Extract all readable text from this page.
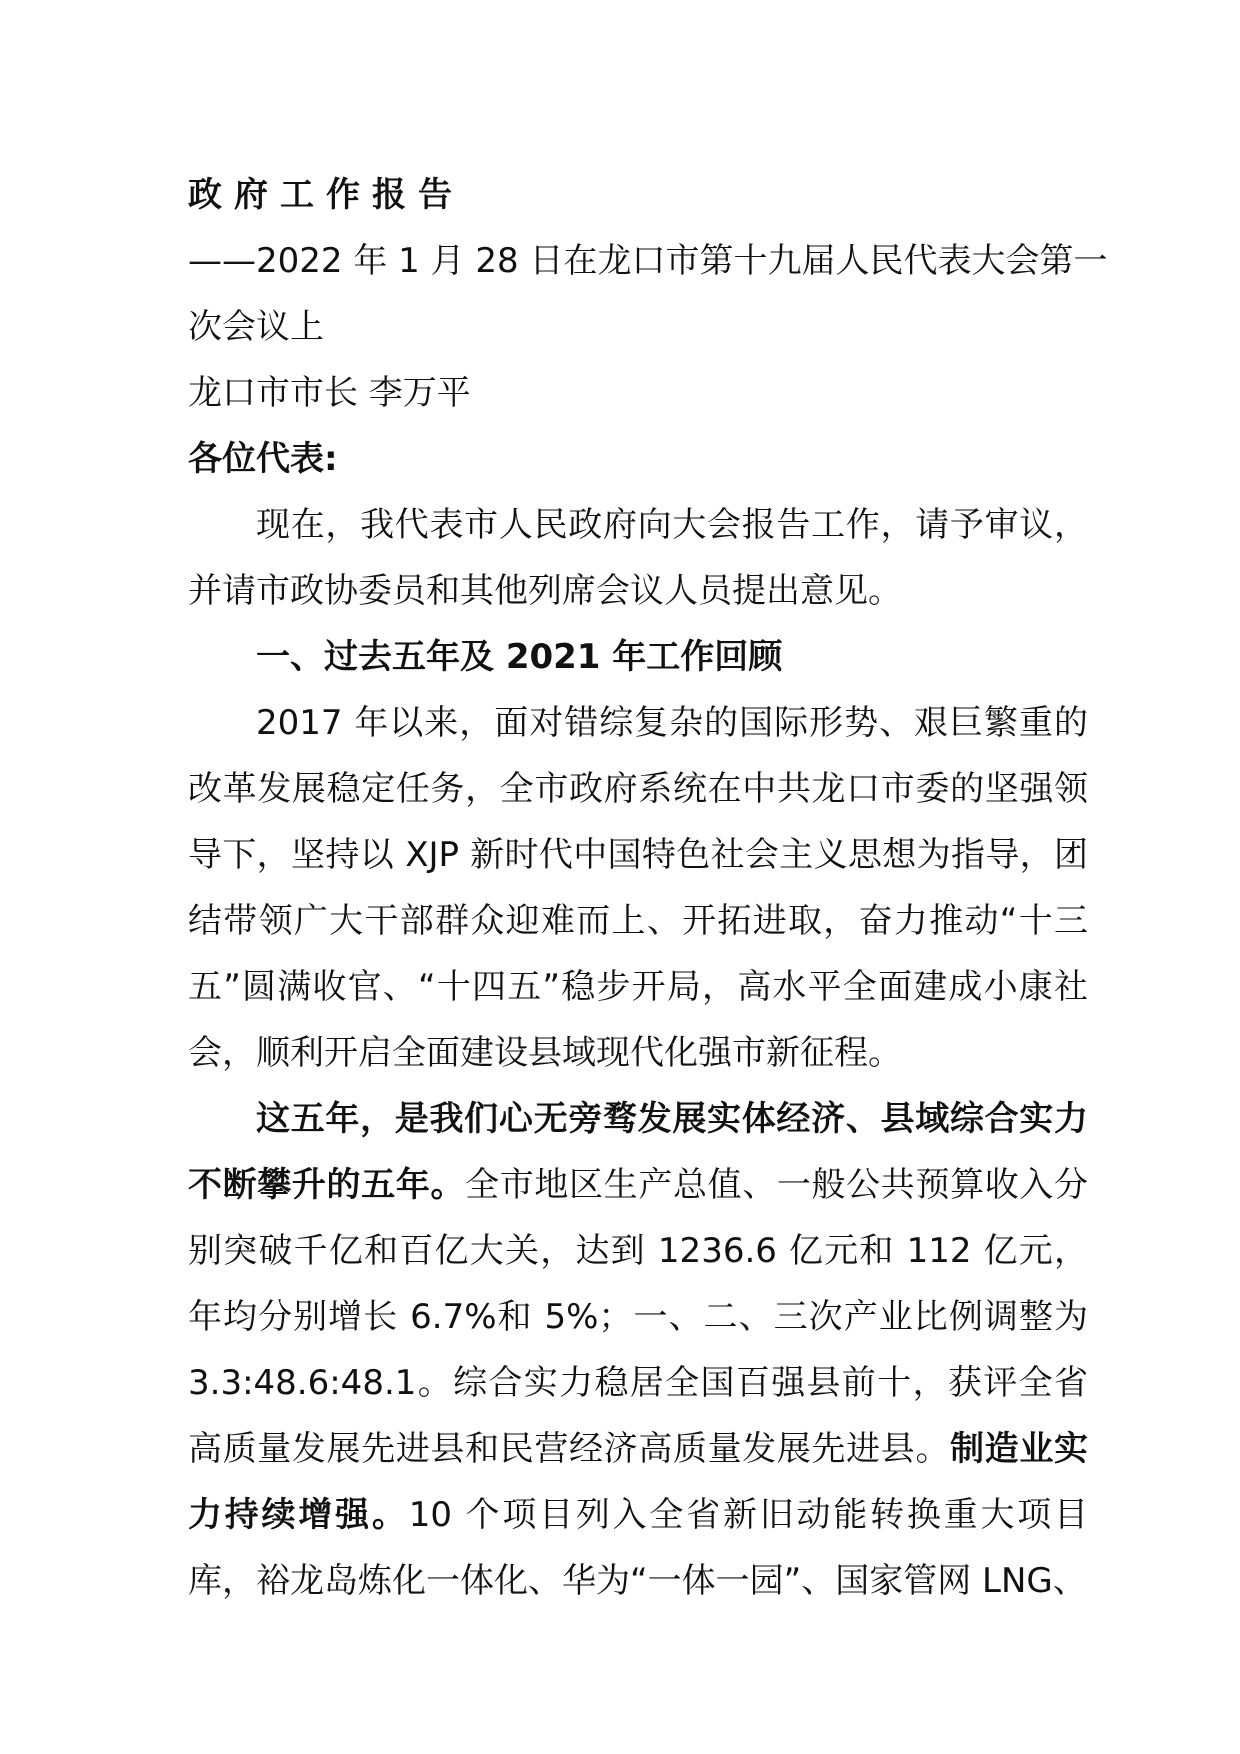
政府工作报告
——2022 年 1 月 28 日在龙口市第十九届人民代表大会第一
次会议上
龙口市市长 李万平
各位代表:

现在，我代表市人民政府向大会报告工作，请予审议，并请市政协委员和其他列席会议人员提出意见。

一、过去五年及 2021 年工作回顾

2017 年以来，面对错综复杂的国际形势、艰巨繁重的改革发展稳定任务，全市政府系统在中共龙口市委的坚强领导下，坚持以 XJP 新时代中国特色社会主义思想为指导，团结带领广大干部群众迎难而上、开拓进取，奋力推动“十三五”圆满收官、“十四五”稳步开局，高水平全面建成小康社会，顺利开启全面建设县域现代化强市新征程。

这五年，是我们心无旁骛发展实体经济、县域综合实力不断攀升的五年。全市地区生产总值、一般公共预算收入分别突破千亿和百亿大关，达到 1236.6 亿元和 112 亿元，年均分别增长 6.7%和 5%；一、二、三次产业比例调整为 3.3:48.6:48.1。综合实力稳居全国百强县前十，获评全省高质量发展先进县和民营经济高质量发展先进县。制造业实力持续增强。10 个项目列入全省新旧动能转换重大项目库，裕龙岛炼化一体化、华为“一体一园”、国家管网 LNG、
